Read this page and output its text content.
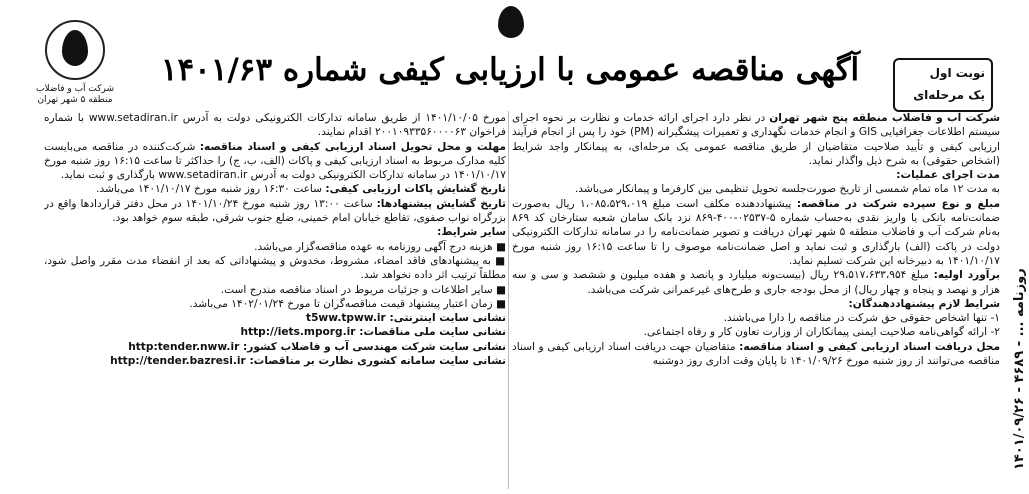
روزنامه ... - ۴۶۸۹ - ۱۴۰۱/۰۹/۲۶
شرکت آب و فاضلاب
منطقه ۵ شهر تهران
آگهی مناقصه عمومی با ارزیابی کیفی شماره ۱۴۰۱/۶۳	نوبت اول
یک مرحله‌ای

شرکت آب و فاضلاب منطقه پنج شهر تهران در نظر دارد اجرای ارائه خدمات و نظارت بر نحوه اجرای سیستم اطلاعات جغرافیایی GIS و انجام خدمات نگهداری و تعمیرات پیشگیرانه (PM) خود را پس از انجام فرآیند ارزیابی کیفی و تأیید صلاحیت متقاضیان از طریق مناقصه عمومی یک مرحله‌ای، به پیمانکار واجد شرایط (اشخاص حقوقی) به شرح ذیل واگذار نماید.

مدت اجرای عملیات:

به مدت ۱۲ ماه تمام شمسی از تاریخ صورت‌جلسه تحویل تنظیمی بین کارفرما و پیمانکار می‌باشد.

مبلغ و نوع سپرده شرکت در مناقصه: پیشنهاددهنده مکلف است مبلغ ۱،۰۸۵،۵۲۹،۰۱۹ ریال به‌صورت ضمانت‌نامه بانکی یا واریز نقدی به‌حساب شماره ۵-۰۲۵۳۷-۴۰۰-۸۶۹ نزد بانک سامان شعبه ستارخان کد ۸۶۹ به‌نام شرکت آب و فاضلاب منطقه ۵ شهر تهران دریافت و تصویر ضمانت‌نامه را در سامانه تدارکات الکترونیکی دولت در پاکت (الف) بارگذاری و ثبت نماید و اصل ضمانت‌نامه موصوف را تا ساعت ۱۶:۱۵ روز شنبه مورخ ۱۴۰۱/۱۰/۱۷ به دبیرخانه این شرکت تسلیم نماید.

برآورد اولیه: مبلغ ۲۹،۵۱۷،۶۳۳،۹۵۴ ریال (بیست‌ونه میلیارد و پانصد و هفده میلیون و ششصد و سی و سه هزار و نهصد و پنجاه و چهار ریال) از محل بودجه جاری و طرح‌های غیرعمرانی شرکت می‌باشد.

شرایط لازم پیشنهاددهندگان:

۱- تنها اشخاص حقوقی حق شرکت در مناقصه را دارا می‌باشند.

۲- ارائه گواهی‌نامه صلاحیت ایمنی پیمانکاران از وزارت تعاون کار و رفاه اجتماعی.

محل دریافت اسناد ارزیابی کیفی و اسناد مناقصه: متقاضیان جهت دریافت اسناد ارزیابی کیفی و اسناد مناقصه می‌توانند از روز شنبه مورخ ۱۴۰۱/۰۹/۲۶ تا پایان وقت اداری روز دوشنبه

مورخ ۱۴۰۱/۱۰/۰۵ از طریق سامانه تدارکات الکترونیکی دولت به آدرس www.setadiran.ir با شماره فراخوان ۲۰۰۱۰۹۳۳۵۶۰۰۰۰۶۳ اقدام نمایند.

مهلت و محل تحویل اسناد ارزیابی کیفی و اسناد مناقصه: شرکت‌کننده در مناقصه می‌بایست کلیه مدارک مربوط به اسناد ارزیابی کیفی و پاکات (الف، ب، ج) را حداکثر تا ساعت ۱۶:۱۵ روز شنبه مورخ ۱۴۰۱/۱۰/۱۷ در سامانه تدارکات الکترونیکی دولت به آدرس www.setadiran.ir بارگذاری و ثبت نماید.

تاریخ گشایش پاکات ارزیابی کیفی: ساعت ۱۶:۳۰ روز شنبه مورخ ۱۴۰۱/۱۰/۱۷ می‌باشد.

تاریخ گشایش پیشنهادها: ساعت ۱۳:۰۰ روز شنبه مورخ ۱۴۰۱/۱۰/۲۴ در محل دفتر قراردادها واقع در بزرگراه نواب صفوی، تقاطع خیابان امام خمینی، ضلع جنوب شرقی، طبقه سوم خواهد بود.

سایر شرایط:

■ هزینه درج آگهی روزنامه به عهده مناقصه‌گزار می‌باشد.

■ به پیشنهادهای فاقد امضاء، مشروط، مخدوش و پیشنهاداتی که بعد از انقضاء مدت مقرر واصل شود، مطلقاً ترتیب اثر داده نخواهد شد.

■ سایر اطلاعات و جزئیات مربوط در اسناد مناقصه مندرج است.

■ زمان اعتبار پیشنهاد قیمت مناقصه‌گران تا مورخ ۱۴۰۲/۰۱/۲۴ می‌باشد.

نشانی سایت اینترنتی: t5ww.tpww.ir

نشانی سایت ملی مناقصات: http://iets.mporg.ir

نشانی سایت شرکت مهندسی آب و فاضلاب کشور: http:tender.nww.ir

نشانی سایت سامانه کشوری نظارت بر مناقصات: http://tender.bazresi.ir
